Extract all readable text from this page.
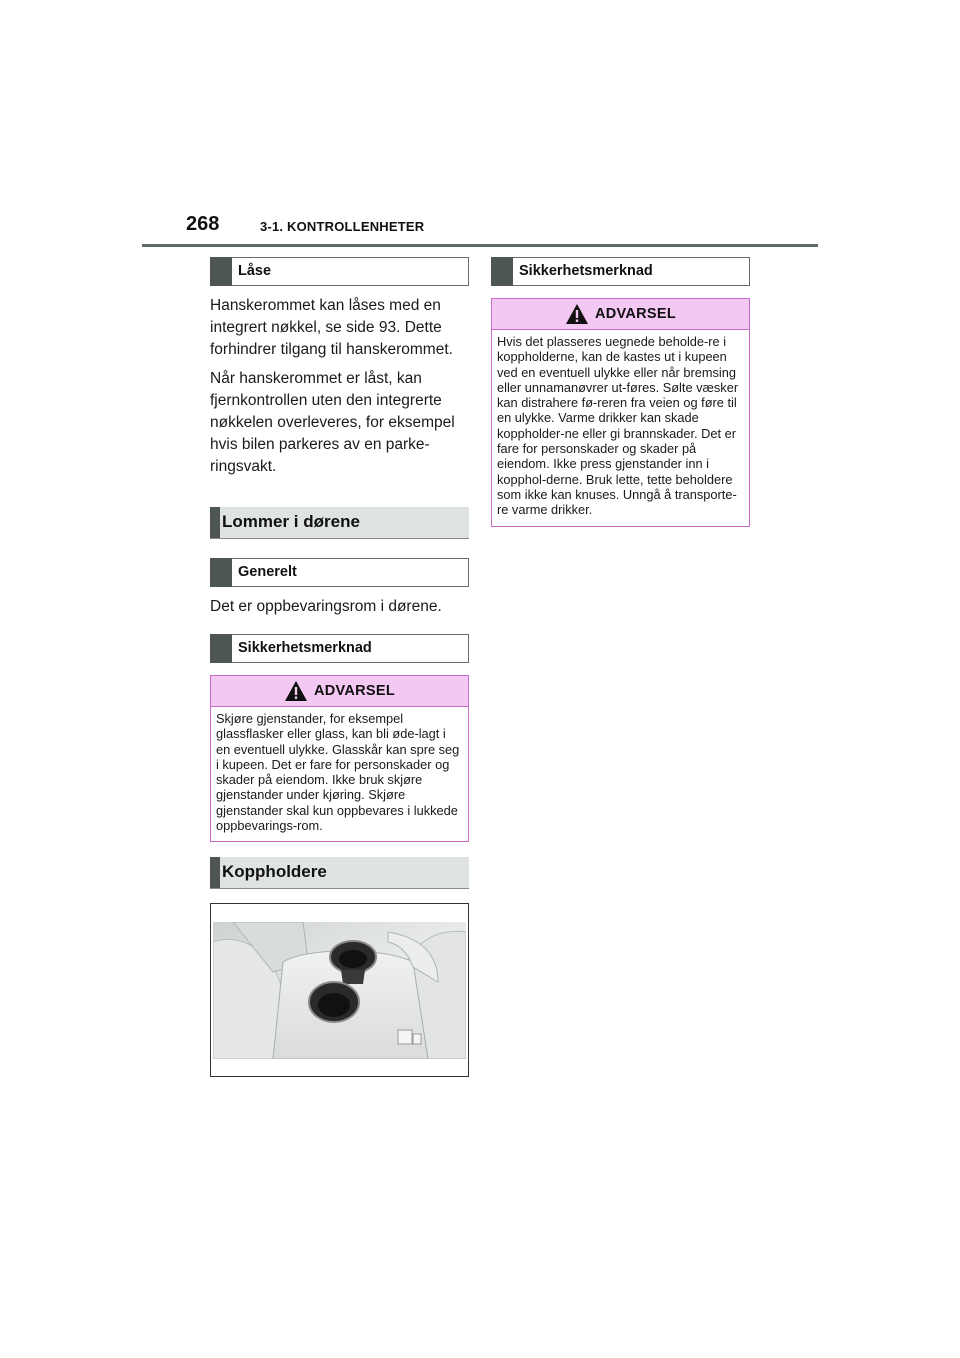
268	3-1. KONTROLLENHETER
Låse

Hanskerommet kan låses med en integrert nøkkel, se side 93. Dette forhindrer tilgang til hanskerommet.

Når hanskerommet er låst, kan fjernkontrollen uten den integrerte nøkkelen overleveres, for eksempel hvis bilen parkeres av en parke-ringsvakt.

Lommer i dørene
Generelt

Det er oppbevaringsrom i dørene.

Sikkerhetsmerknad
ADVARSEL
Skjøre gjenstander, for eksempel glassflasker eller glass, kan bli øde-lagt i en eventuell ulykke. Glasskår kan spre seg i kupeen. Det er fare for personskader og skader på eiendom. Ikke bruk skjøre gjenstander under kjøring. Skjøre gjenstander skal kun oppbevares i lukkede oppbevarings-rom.
Koppholdere
Sikkerhetsmerknad
ADVARSEL
Hvis det plasseres uegnede beholde-re i koppholderne, kan de kastes ut i kupeen ved en eventuell ulykke eller når bremsing eller unnamanøvrer ut-føres. Sølte væsker kan distrahere fø-reren fra veien og føre til en ulykke. Varme drikker kan skade koppholder-ne eller gi brannskader. Det er fare for personskader og skader på eiendom. Ikke press gjenstander inn i kopphol-derne. Bruk lette, tette beholdere som ikke kan knuses. Unngå å transporte-re varme drikker.
